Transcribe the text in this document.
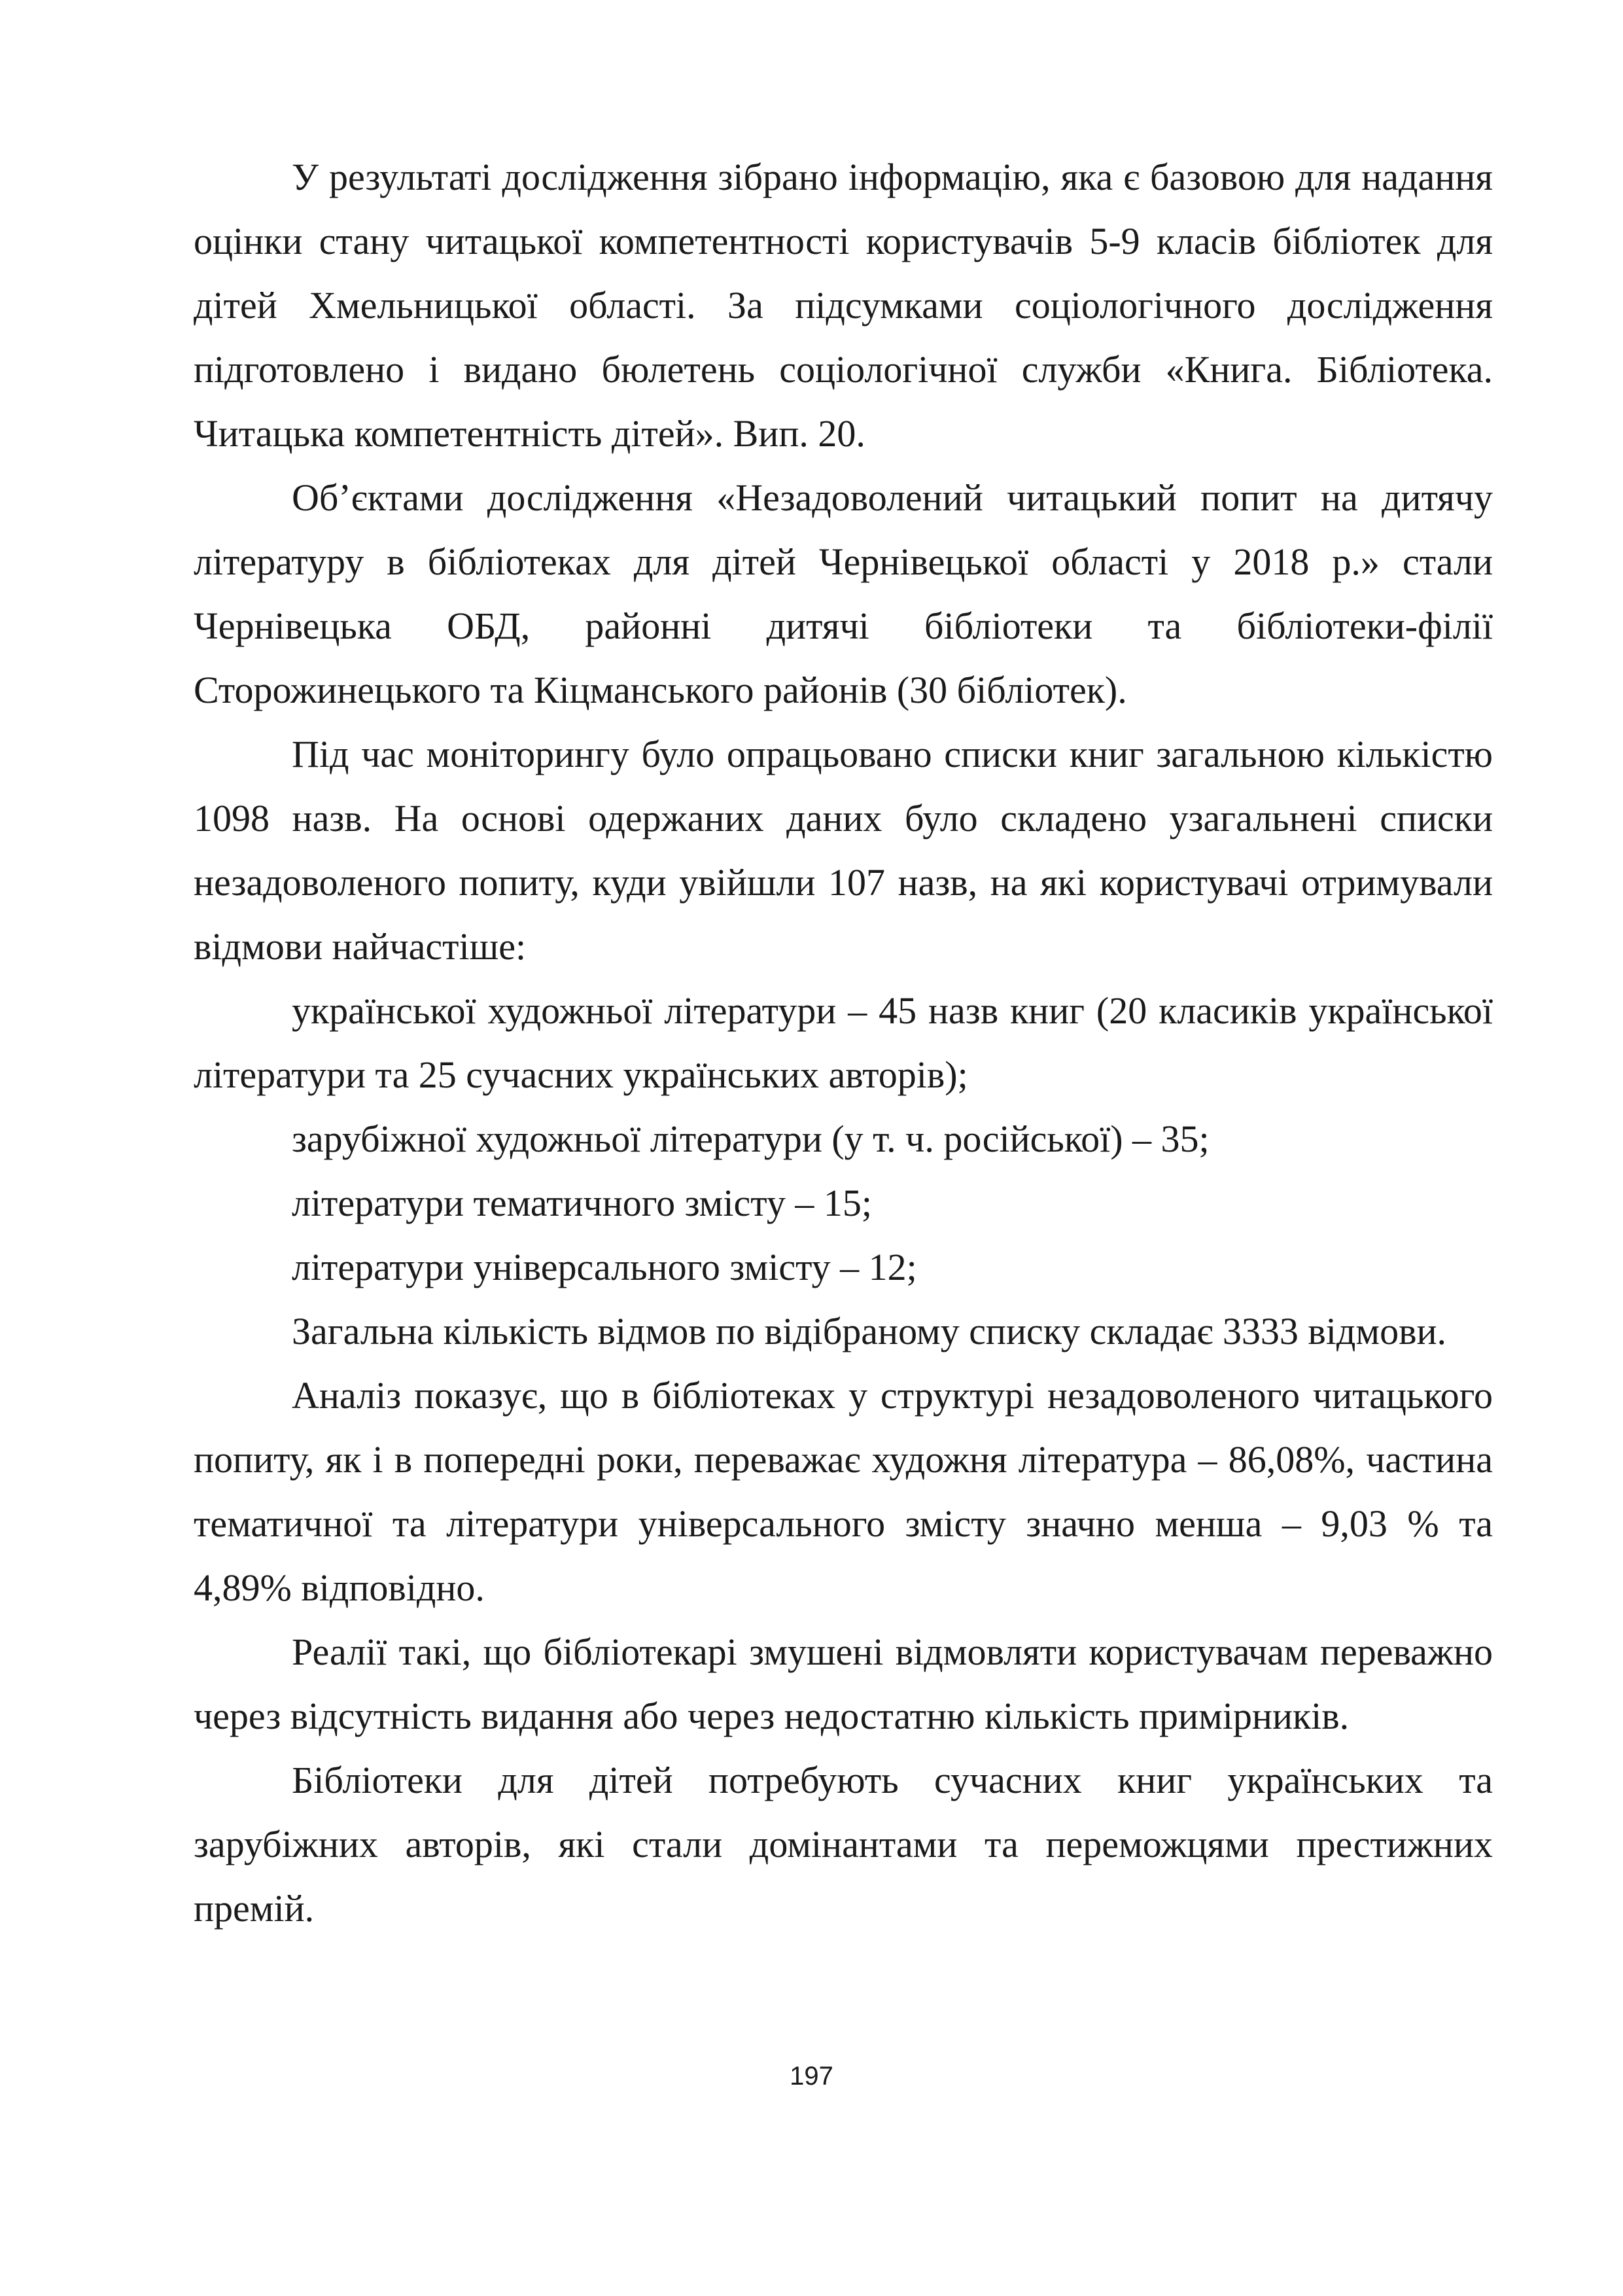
У результаті дослідження зібрано інформацію, яка є базовою для надання оцінки стану читацької компетентності користувачів 5-9 класів бібліотек для дітей Хмельницької області. За підсумками соціологічного дослідження підготовлено і видано бюлетень соціологічної служби «Книга. Бібліотека. Читацька компетентність дітей». Вип. 20.

Об’єктами дослідження «Незадоволений читацький попит на дитячу літературу в бібліотеках для дітей Чернівецької області у 2018 р.» стали Чернівецька ОБД, районні дитячі бібліотеки та бібліотеки-філії Сторожинецького та Кіцманського районів (30 бібліотек).

Під час моніторингу було опрацьовано списки книг загальною кількістю 1098 назв. На основі одержаних даних було складено узагальнені списки незадоволеного попиту, куди увійшли 107 назв, на які користувачі отримували відмови найчастіше:

української художньої літератури – 45 назв книг (20 класиків української літератури та 25 сучасних українських авторів);

зарубіжної художньої літератури (у т. ч. російської) – 35;

літератури тематичного змісту – 15;

літератури універсального змісту – 12;

Загальна кількість відмов по відібраному списку складає 3333 відмови.

Аналіз показує, що в бібліотеках у структурі незадоволеного читацького попиту, як і в попередні роки, переважає художня література – 86,08%, частина тематичної та літератури універсального змісту значно менша – 9,03 % та 4,89% відповідно.

Реалії такі, що бібліотекарі змушені відмовляти користувачам переважно через відсутність видання або через недостатню кількість примірників.

Бібліотеки для дітей потребують сучасних книг українських та зарубіжних авторів, які стали домінантами та переможцями престижних премій.

197
